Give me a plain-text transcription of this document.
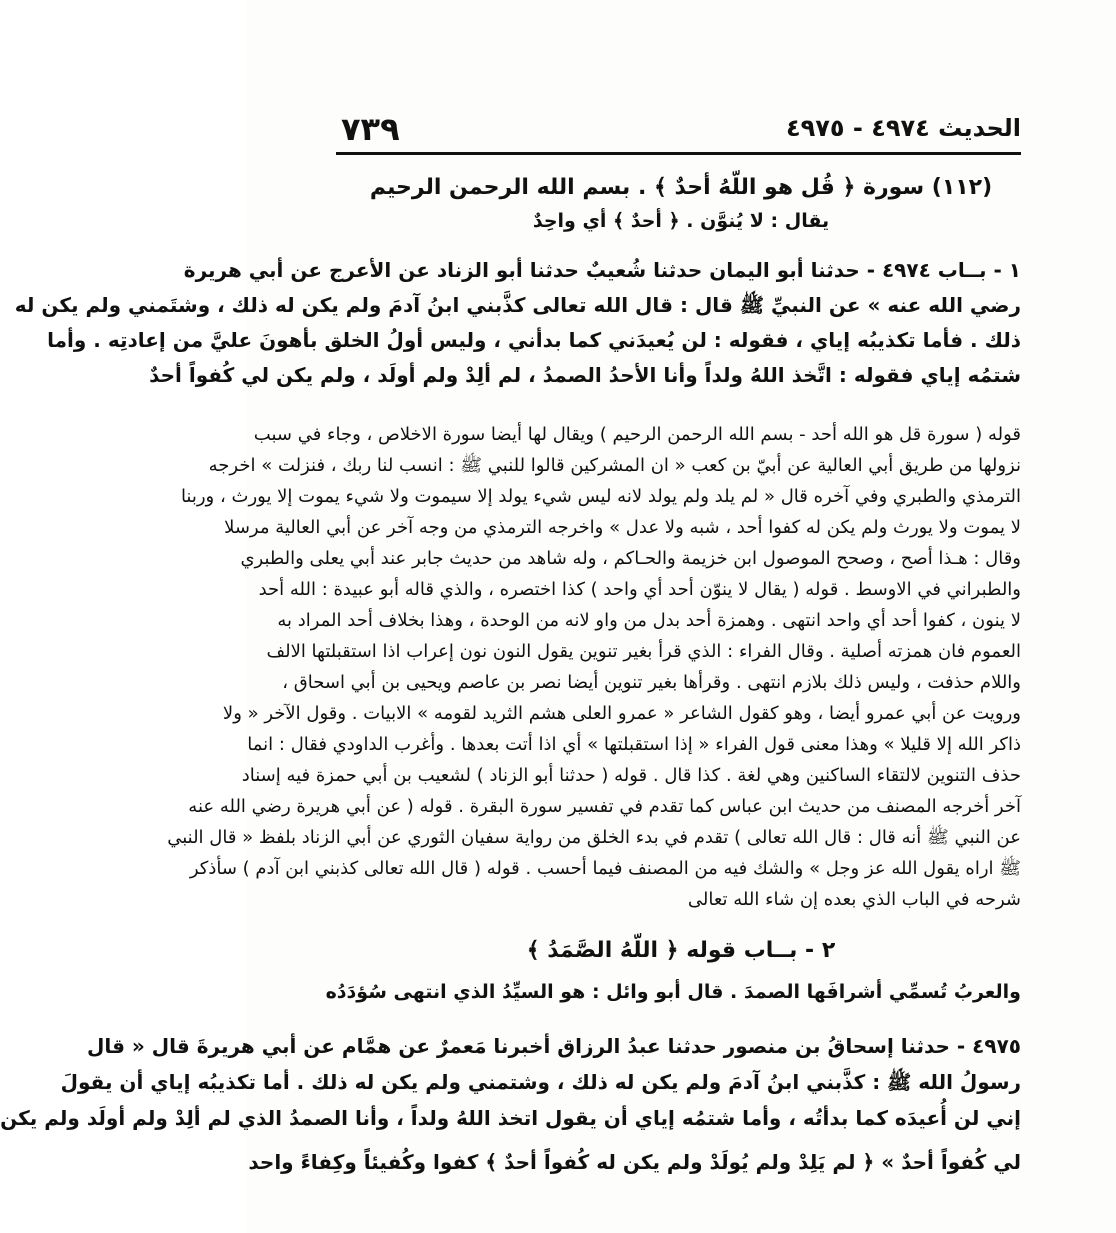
الحديث ٤٩٧٤ - ٤٩٧٥
٧٣٩
(١١٢) سورة ﴿ قُل هو اللّهُ أحدٌ ﴾ . بسم الله الرحمن الرحيم
يقال : لا يُنوَّن . ﴿ أحدٌ ﴾ أي واحِدٌ
١ - بــاب ٤٩٧٤ - حدثنا أبو اليمان حدثنا شُعيبٌ حدثنا أبو الزناد عن الأعرج عن أبي هريرة
رضي الله عنه » عن النبيِّ ﷺ قال : قال الله تعالى كذَّبني ابنُ آدمَ ولم يكن له ذلك ، وشتَمني ولم يكن له
ذلك . فأما تكذيبُه إياي ، فقوله : لن يُعيدَني كما بدأني ، وليس أولُ الخلق بأهونَ عليَّ من إعادتِه . وأما
شتمُه إياي فقوله : اتَّخذ اللهُ ولداً وأنا الأحدُ الصمدُ ، لم ألِدْ ولم أولَد ، ولم يكن لي كُفواً أحدٌ
قوله ( سورة قل هو الله أحد - بسم الله الرحمن الرحيم ) ويقال لها أيضا سورة الاخلاص ، وجاء في سبب
نزولها من طريق أبي العالية عن أبيّ بن كعب « ان المشركين قالوا للنبي ﷺ : انسب لنا ربك ، فنزلت » اخرجه
الترمذي والطبري وفي آخره قال « لم يلد ولم يولد لانه ليس شيء يولد إلا سيموت ولا شيء يموت إلا يورث ، وربنا
لا يموت ولا يورث ولم يكن له كفوا أحد ، شبه ولا عدل » واخرجه الترمذي من وجه آخر عن أبي العالية مرسلا
وقال : هـذا أصح ، وصحح الموصول ابن خزيمة والحـاكم ، وله شاهد من حديث جابر عند أبي يعلى والطبري
والطبراني في الاوسط . قوله ( يقال لا ينوّن أحد أي واحد ) كذا اختصره ، والذي قاله أبو عبيدة : الله أحد
لا ينون ، كفوا أحد أي واحد انتهى . وهمزة أحد بدل من واو لانه من الوحدة ، وهذا بخلاف أحد المراد به
العموم فان همزته أصلية . وقال الفراء : الذي قرأ بغير تنوين يقول النون نون إعراب اذا استقبلتها الالف
واللام حذفت ، وليس ذلك بلازم انتهى . وقرأها بغير تنوين أيضا نصر بن عاصم ويحيى بن أبي اسحاق ،
ورويت عن أبي عمرو أيضا ، وهو كقول الشاعر « عمرو العلى هشم الثريد لقومه » الابيات . وقول الآخر « ولا
ذاكر الله إلا قليلا » وهذا معنى قول الفراء « إذا استقبلتها » أي اذا أتت بعدها . وأغرب الداودي فقال : انما
حذف التنوين لالتقاء الساكنين وهي لغة . كذا قال . قوله ( حدثنا أبو الزناد ) لشعيب بن أبي حمزة فيه إسناد
آخر أخرجه المصنف من حديث ابن عباس كما تقدم في تفسير سورة البقرة . قوله ( عن أبي هريرة رضي الله عنه
عن النبي ﷺ أنه قال : قال الله تعالى ) تقدم في بدء الخلق من رواية سفيان الثوري عن أبي الزناد بلفظ « قال النبي
ﷺ اراه يقول الله عز وجل » والشك فيه من المصنف فيما أحسب . قوله ( قال الله تعالى كذبني ابن آدم ) سأذكر
شرحه في الباب الذي بعده إن شاء الله تعالى
٢ - بــاب قوله ﴿ اللّهُ الصَّمَدُ ﴾
والعربُ تُسمِّي أشرافَها الصمدَ . قال أبو وائل : هو السيِّدُ الذي انتهى سُؤدَدُه
٤٩٧٥ - حدثنا إسحاقُ بن منصور حدثنا عبدُ الرزاق أخبرنا مَعمرٌ عن همَّام عن أبي هريرةَ قال « قال
رسولُ الله ﷺ : كذَّبني ابنُ آدمَ ولم يكن له ذلك ، وشتمني ولم يكن له ذلك . أما تكذيبُه إياي أن يقولَ
إني لن أُعيدَه كما بدأتُه ، وأما شتمُه إياي أن يقول اتخذ اللهُ ولداً ، وأنا الصمدُ الذي لم ألِدْ ولم أولَد ولم يكن
لي كُفواً أحدٌ » ﴿ لم يَلِدْ ولم يُولَدْ ولم يكن له كُفواً أحدٌ ﴾ كفوا وكُفيئاً وكِفاءً واحد
